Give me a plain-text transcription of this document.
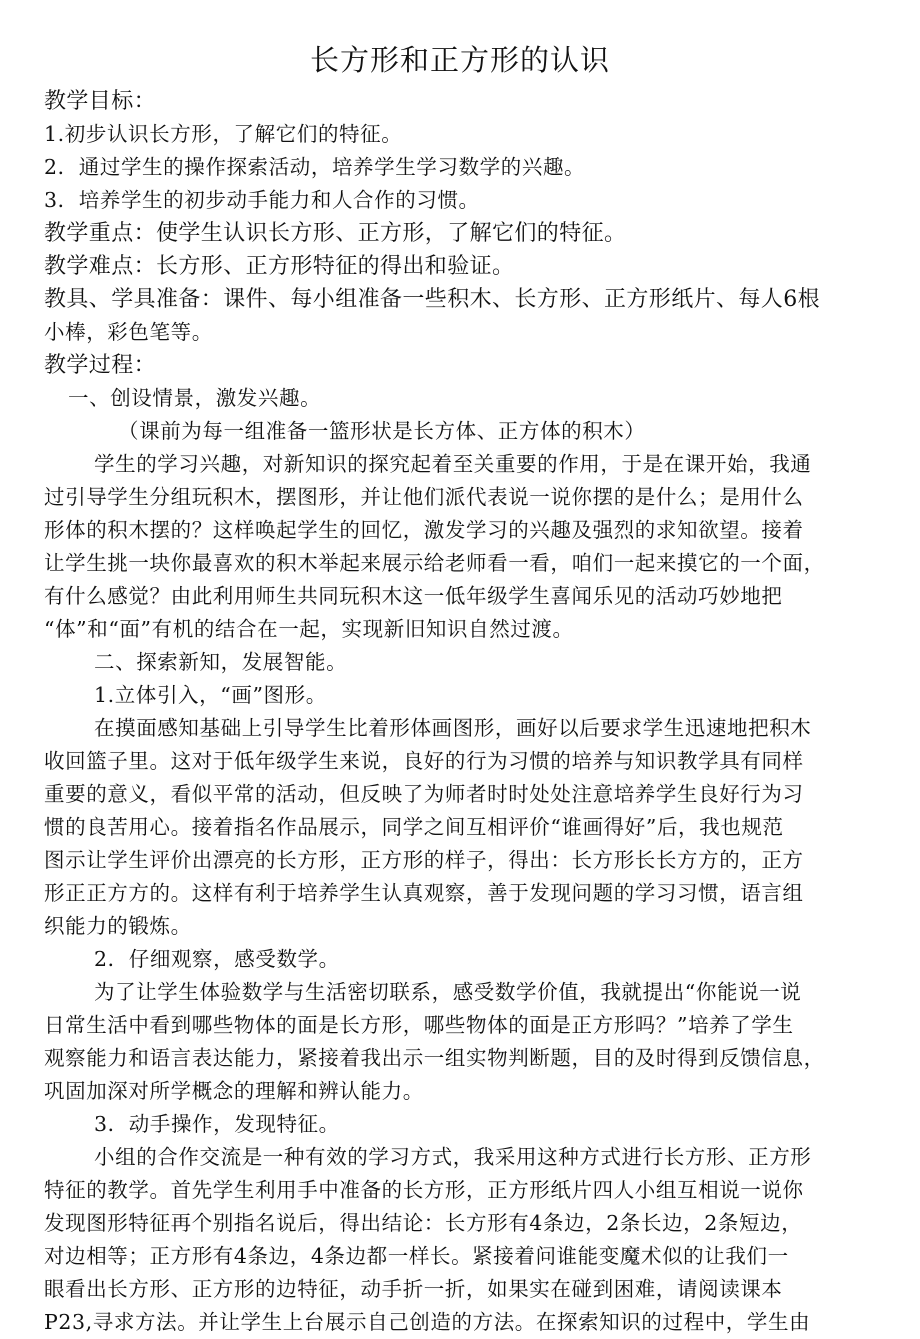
长方形和正方形的认识
教学目标：
1.初步认识长方形，了解它们的特征。
2．通过学生的操作探索活动，培养学生学习数学的兴趣。
3．培养学生的初步动手能力和人合作的习惯。
教学重点：使学生认识长方形、正方形，了解它们的特征。
教学难点：长方形、正方形特征的得出和验证。
教具、学具准备：课件、每小组准备一些积木、长方形、正方形纸片、每人6根
小棒，彩色笔等。
教学过程：
一、创设情景，激发兴趣。
（课前为每一组准备一篮形状是长方体、正方体的积木）
学生的学习兴趣，对新知识的探究起着至关重要的作用，于是在课开始，我通
过引导学生分组玩积木，摆图形，并让他们派代表说一说你摆的是什么；是用什么
形体的积木摆的？这样唤起学生的回忆，激发学习的兴趣及强烈的求知欲望。接着
让学生挑一块你最喜欢的积木举起来展示给老师看一看，咱们一起来摸它的一个面，
有什么感觉？由此利用师生共同玩积木这一低年级学生喜闻乐见的活动巧妙地把
“体”和“面”有机的结合在一起，实现新旧知识自然过渡。
二、探索新知，发展智能。
1.立体引入，“画”图形。
在摸面感知基础上引导学生比着形体画图形，画好以后要求学生迅速地把积木
收回篮子里。这对于低年级学生来说，良好的行为习惯的培养与知识教学具有同样
重要的意义，看似平常的活动，但反映了为师者时时处处注意培养学生良好行为习
惯的良苦用心。接着指名作品展示，同学之间互相评价“谁画得好”后，我也规范
图示让学生评价出漂亮的长方形，正方形的样子，得出：长方形长长方方的，正方
形正正方方的。这样有利于培养学生认真观察，善于发现问题的学习习惯，语言组
织能力的锻炼。
2．仔细观察，感受数学。
为了让学生体验数学与生活密切联系，感受数学价值，我就提出“你能说一说
日常生活中看到哪些物体的面是长方形，哪些物体的面是正方形吗？”培养了学生
观察能力和语言表达能力，紧接着我出示一组实物判断题，目的及时得到反馈信息，
巩固加深对所学概念的理解和辨认能力。
3．动手操作，发现特征。
小组的合作交流是一种有效的学习方式，我采用这种方式进行长方形、正方形
特征的教学。首先学生利用手中准备的长方形，正方形纸片四人小组互相说一说你
发现图形特征再个别指名说后，得出结论：长方形有4条边，2条长边，2条短边，
对边相等；正方形有4条边，4条边都一样长。紧接着问谁能变魔术似的让我们一
眼看出长方形、正方形的边特征，动手折一折，如果实在碰到困难，请阅读课本
P23,寻求方法。并让学生上台展示自己创造的方法。在探索知识的过程中，学生由
